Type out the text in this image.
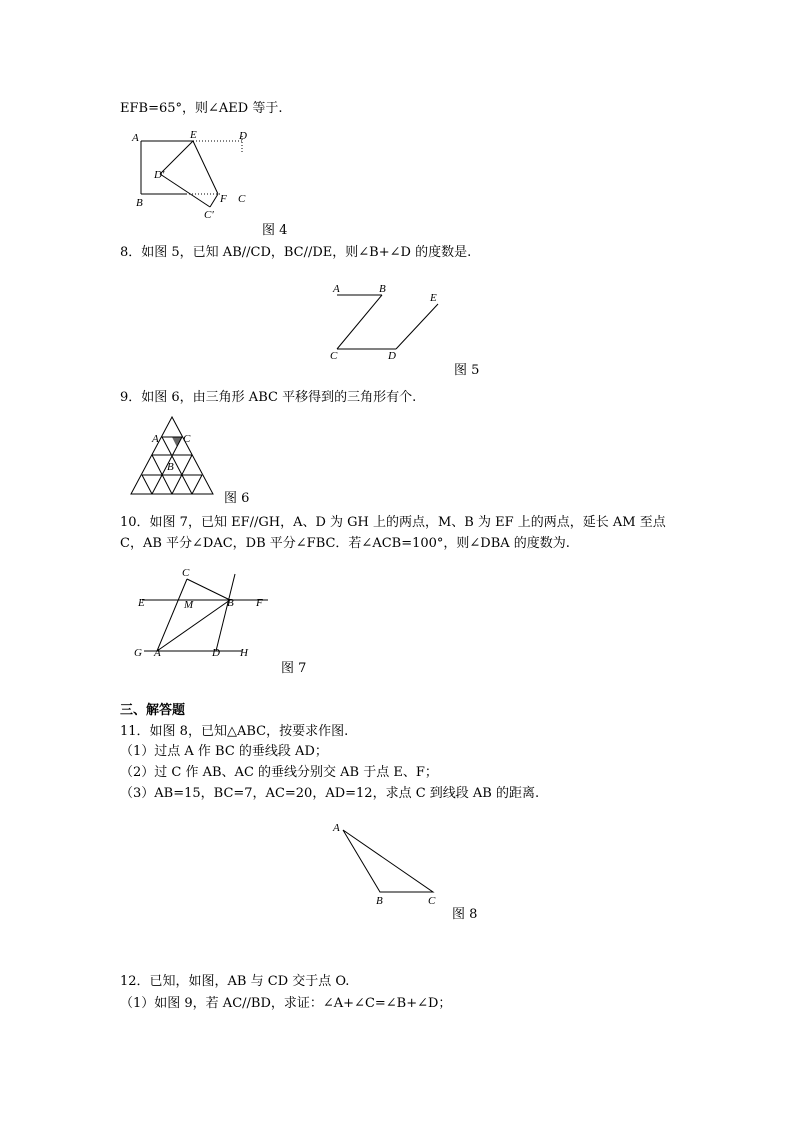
EFB=65°，则∠AED 等于.
A	E	D
D′
B	F C
C′
图 4
8．如图 5，已知 AB//CD，BC//DE，则∠B+∠D 的度数是.
A	B
E
C	D
图 5
9．如图 6，由三角形 ABC 平移得到的三角形有个.
A C
B
图 6
10．如图 7，已知 EF//GH，A、D 为 GH 上的两点，M、B 为 EF 上的两点，延长 AM 至点
C，AB 平分∠DAC，DB 平分∠FBC．若∠ACB=100°，则∠DBA 的度数为.
C
E	M	B F
G A	D H
图 7
三、解答题
11．如图 8，已知△ABC，按要求作图.
（1）过点 A 作 BC 的垂线段 AD；
（2）过 C 作 AB、AC 的垂线分别交 AB 于点 E、F；
（3）AB=15，BC=7，AC=20，AD=12，求点 C 到线段 AB 的距离.
A
B	C
图 8
12．已知，如图，AB 与 CD 交于点 O.
（1）如图 9，若 AC//BD，求证：∠A+∠C=∠B+∠D；
